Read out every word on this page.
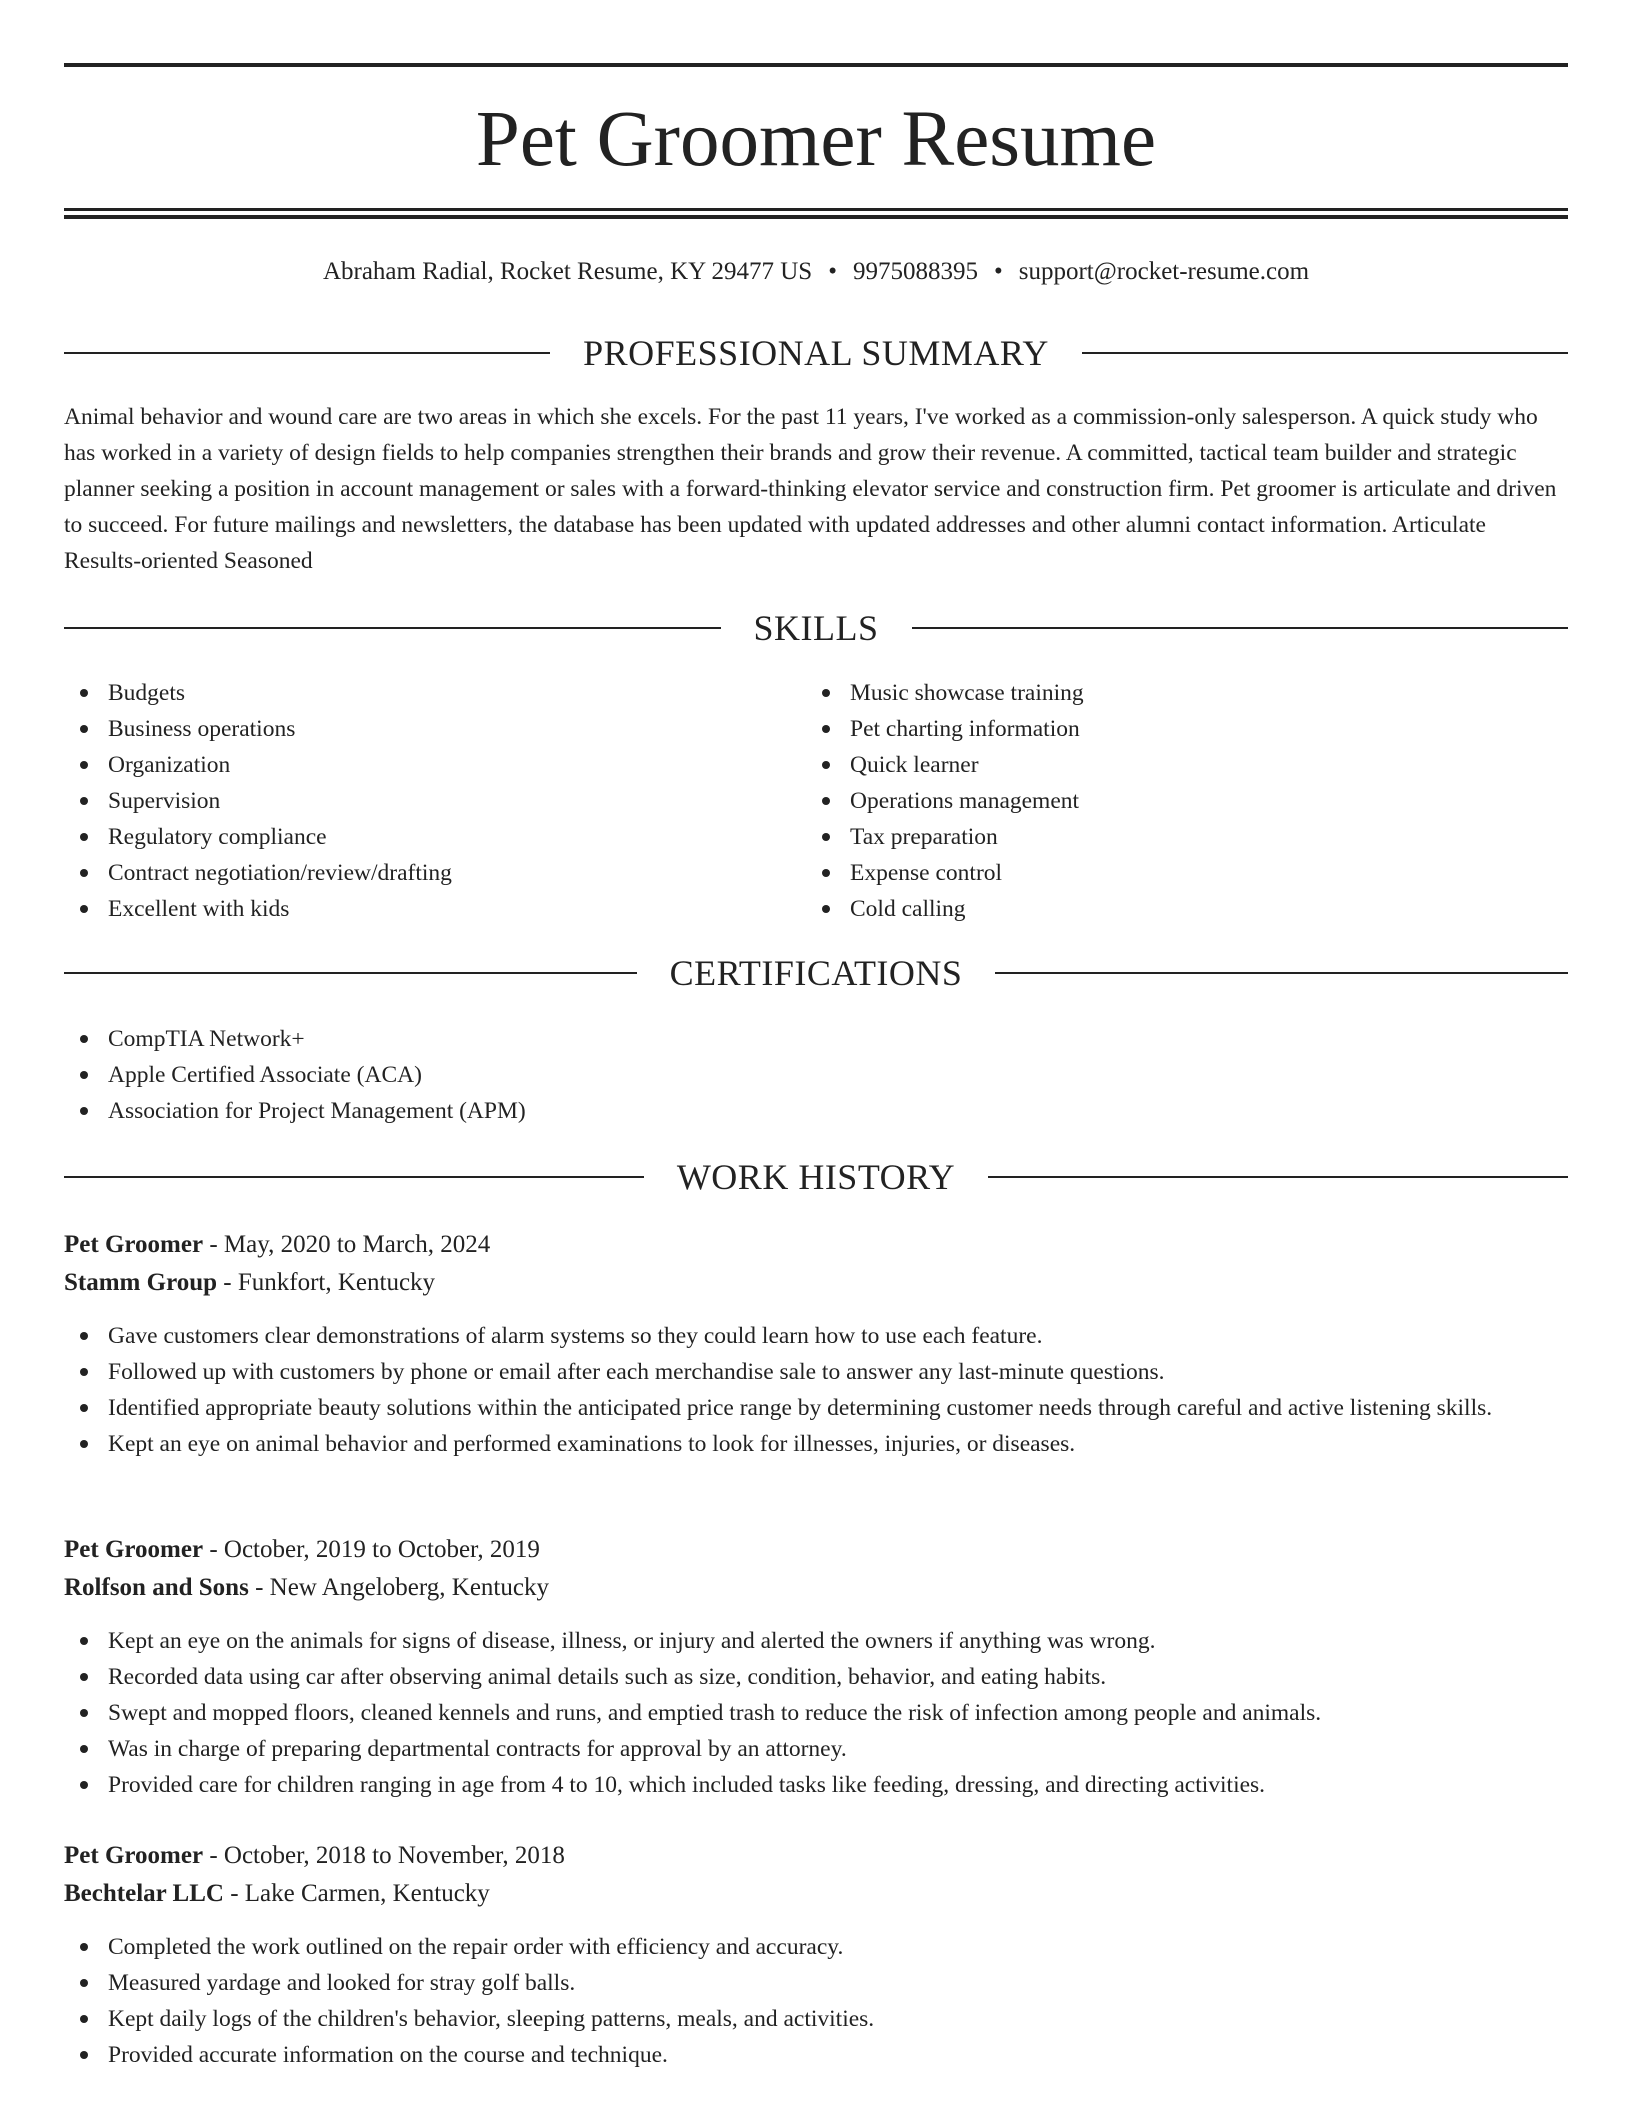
Pet Groomer Resume
Abraham Radial, Rocket Resume, KY 29477 US • 9975088395 • support@rocket-resume.com
PROFESSIONAL SUMMARY

Animal behavior and wound care are two areas in which she excels. For the past 11 years, I've worked as a commission-only salesperson. A quick study who has worked in a variety of design fields to help companies strengthen their brands and grow their revenue. A committed, tactical team builder and strategic planner seeking a position in account management or sales with a forward-thinking elevator service and construction firm. Pet groomer is articulate and driven to succeed. For future mailings and newsletters, the database has been updated with updated addresses and other alumni contact information. Articulate Results-oriented Seasoned

SKILLS
Budgets
Business operations
Organization
Supervision
Regulatory compliance
Contract negotiation/review/drafting
Excellent with kids
Music showcase training
Pet charting information
Quick learner
Operations management
Tax preparation
Expense control
Cold calling
CERTIFICATIONS
CompTIA Network+
Apple Certified Associate (ACA)
Association for Project Management (APM)
WORK HISTORY
Pet Groomer - May, 2020 to March, 2024
Stamm Group - Funkfort, Kentucky
Gave customers clear demonstrations of alarm systems so they could learn how to use each feature.
Followed up with customers by phone or email after each merchandise sale to answer any last-minute questions.
Identified appropriate beauty solutions within the anticipated price range by determining customer needs through careful and active listening skills.
Kept an eye on animal behavior and performed examinations to look for illnesses, injuries, or diseases.
Pet Groomer - October, 2019 to October, 2019
Rolfson and Sons - New Angeloberg, Kentucky
Kept an eye on the animals for signs of disease, illness, or injury and alerted the owners if anything was wrong.
Recorded data using car after observing animal details such as size, condition, behavior, and eating habits.
Swept and mopped floors, cleaned kennels and runs, and emptied trash to reduce the risk of infection among people and animals.
Was in charge of preparing departmental contracts for approval by an attorney.
Provided care for children ranging in age from 4 to 10, which included tasks like feeding, dressing, and directing activities.
Pet Groomer - October, 2018 to November, 2018
Bechtelar LLC - Lake Carmen, Kentucky
Completed the work outlined on the repair order with efficiency and accuracy.
Measured yardage and looked for stray golf balls.
Kept daily logs of the children's behavior, sleeping patterns, meals, and activities.
Provided accurate information on the course and technique.
